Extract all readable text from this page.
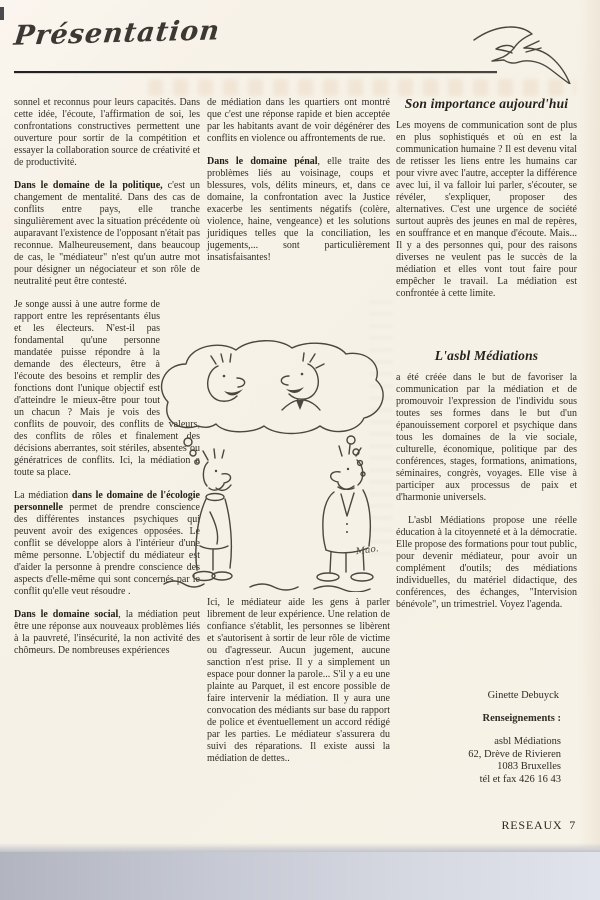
Présentation

sonnel et reconnus pour leurs capacités. Dans cette idée, l'écoute, l'affirmation de soi, les confrontations constructives permettent une ouverture pour sortir de la compétition et essayer la collaboration source de créativité et de productivité.

Dans le domaine de la politique, c'est un changement de mentalité. Dans des cas de conflits entre pays, elle tranche singulièrement avec la situation précédente où auparavant l'existence de l'opposant n'était pas reconnue. Malheureusement, dans beaucoup de cas, le "médiateur" n'est qu'un autre mot pour désigner un négociateur et son rôle de neutralité peut être contesté.

Je songe aussi à une autre forme de rapport entre les représentants élus et les électeurs. N'est-il pas fondamental qu'une personne mandatée puisse répondre à la demande des électeurs, être à l'écoute des besoins et remplir des fonctions dont l'unique objectif est d'atteindre le mieux-être pour tout un chacun ? Mais je vois des conflits de pouvoir, des conflits de valeurs, des conflits de rôles et finalement des décisions aberrantes, soit stériles, absentes ou génératrices de conflits. Ici, la médiation a toute sa place.

La médiation dans le domaine de l'écologie personnelle permet de prendre conscience des différentes instances psychiques qui peuvent avoir des exigences opposées. Le conflit se développe alors à l'intérieur d'une même personne. L'objectif du médiateur est d'aider la personne à prendre conscience des aspects d'elle-même qui sont concernés par le conflit qu'elle veut résoudre .

Dans le domaine social, la médiation peut être une réponse aux nouveaux problèmes liés à la pauvreté, l'insécurité, la non activité des chômeurs. De nombreuses expériences

de médiation dans les quartiers ont montré que c'est une réponse rapide et bien acceptée par les habitants avant de voir dégénérer des conflits en violence ou affrontements de rue.

Dans le domaine pénal, elle traite des problèmes liés au voisinage, coups et blessures, vols, délits mineurs, et, dans ce domaine, la confrontation avec la Justice exacerbe les sentiments négatifs (colère, violence, haine, vengeance) et les solutions juridiques telles que la conciliation, les jugements,... sont particulièrement insatisfaisantes!

Mao.

Ici, le médiateur aide les gens à parler librement de leur expérience. Une relation de confiance s'établit, les personnes se libèrent et s'autorisent à sortir de leur rôle de victime ou d'agresseur. Aucun jugement, aucune sanction n'est prise. Il y a simplement un espace pour donner la parole... S'il y a eu une plainte au Parquet, il est encore possible de faire intervenir la médiation. Il y aura une convocation des médiants sur base du rapport de police et éventuellement un accord rédigé par les parties. Le médiateur s'assurera du suivi des réparations. Il existe aussi la médiation de dettes..

Son importance aujourd'hui

Les moyens de communication sont de plus en plus sophistiqués et où en est la communication humaine ? Il est devenu vital de retisser les liens entre les humains car pour vivre avec l'autre, accepter la différence avec lui, il va falloir lui parler, s'écouter, se révéler, s'expliquer, proposer des alternatives. C'est une urgence de société surtout auprès des jeunes en mal de repères, en souffrance et en manque d'écoute. Mais... Il y a des personnes qui, pour des raisons diverses ne veulent pas le succès de la médiation et elles vont tout faire pour empêcher le travail. La médiation est confrontée à cette limite.

L'asbl Médiations

a été créée dans le but de favoriser la communication par la médiation et de promouvoir l'expression de l'individu sous toutes ses formes dans le but d'un épanouissement corporel et psychique dans tous les domaines de la vie sociale, culturelle, économique, politique par des conférences, stages, formations, animations, séminaires, congrès, voyages. Elle vise à participer aux processus de paix et d'harmonie universels.

L'asbl Médiations propose une réelle éducation à la citoyenneté et à la démocratie. Elle propose des formations pour tout public, pour devenir médiateur, pour avoir un complément d'outils; des médiations individuelles, du matériel didactique, des conférences, des échanges, "Intervision bénévole", un trimestriel. Voyez l'agenda.

Ginette Debuyck

Renseignements :

asbl Médiations
62, Drève de Rivieren
1083 Bruxelles
tél et fax 426 16 43
RESEAUX 7
